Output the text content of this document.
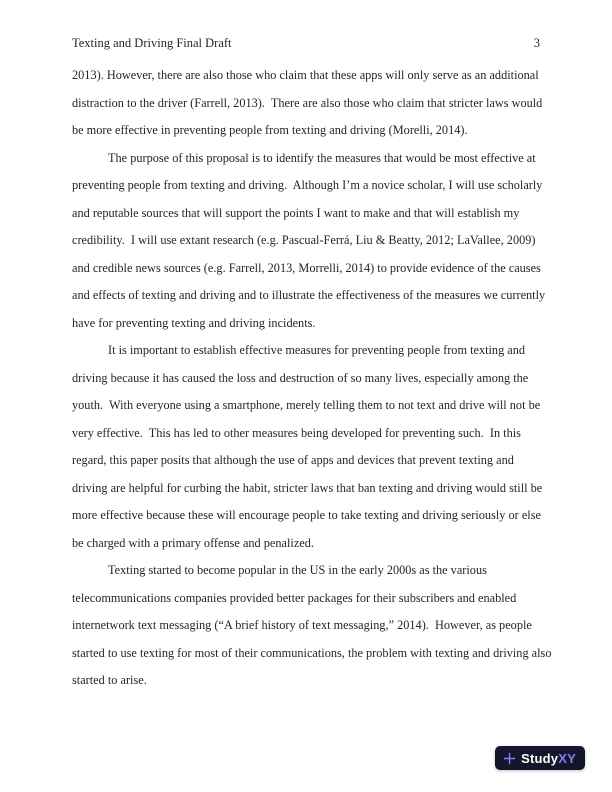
Texting and Driving Final Draft	3
2013). However, there are also those who claim that these apps will only serve as an additional
distraction to the driver (Farrell, 2013).  There are also those who claim that stricter laws would
be more effective in preventing people from texting and driving (Morelli, 2014).
The purpose of this proposal is to identify the measures that would be most effective at
preventing people from texting and driving.  Although I’m a novice scholar, I will use scholarly
and reputable sources that will support the points I want to make and that will establish my
credibility.  I will use extant research (e.g. Pascual-Ferrá, Liu & Beatty, 2012; LaVallee, 2009)
and credible news sources (e.g. Farrell, 2013, Morrelli, 2014) to provide evidence of the causes
and effects of texting and driving and to illustrate the effectiveness of the measures we currently
have for preventing texting and driving incidents.
It is important to establish effective measures for preventing people from texting and
driving because it has caused the loss and destruction of so many lives, especially among the
youth.  With everyone using a smartphone, merely telling them to not text and drive will not be
very effective.  This has led to other measures being developed for preventing such.  In this
regard, this paper posits that although the use of apps and devices that prevent texting and
driving are helpful for curbing the habit, stricter laws that ban texting and driving would still be
more effective because these will encourage people to take texting and driving seriously or else
be charged with a primary offense and penalized.
Texting started to become popular in the US in the early 2000s as the various
telecommunications companies provided better packages for their subscribers and enabled
internetwork text messaging (“A brief history of text messaging,” 2014).  However, as people
started to use texting for most of their communications, the problem with texting and driving also
started to arise.
StudyXY
